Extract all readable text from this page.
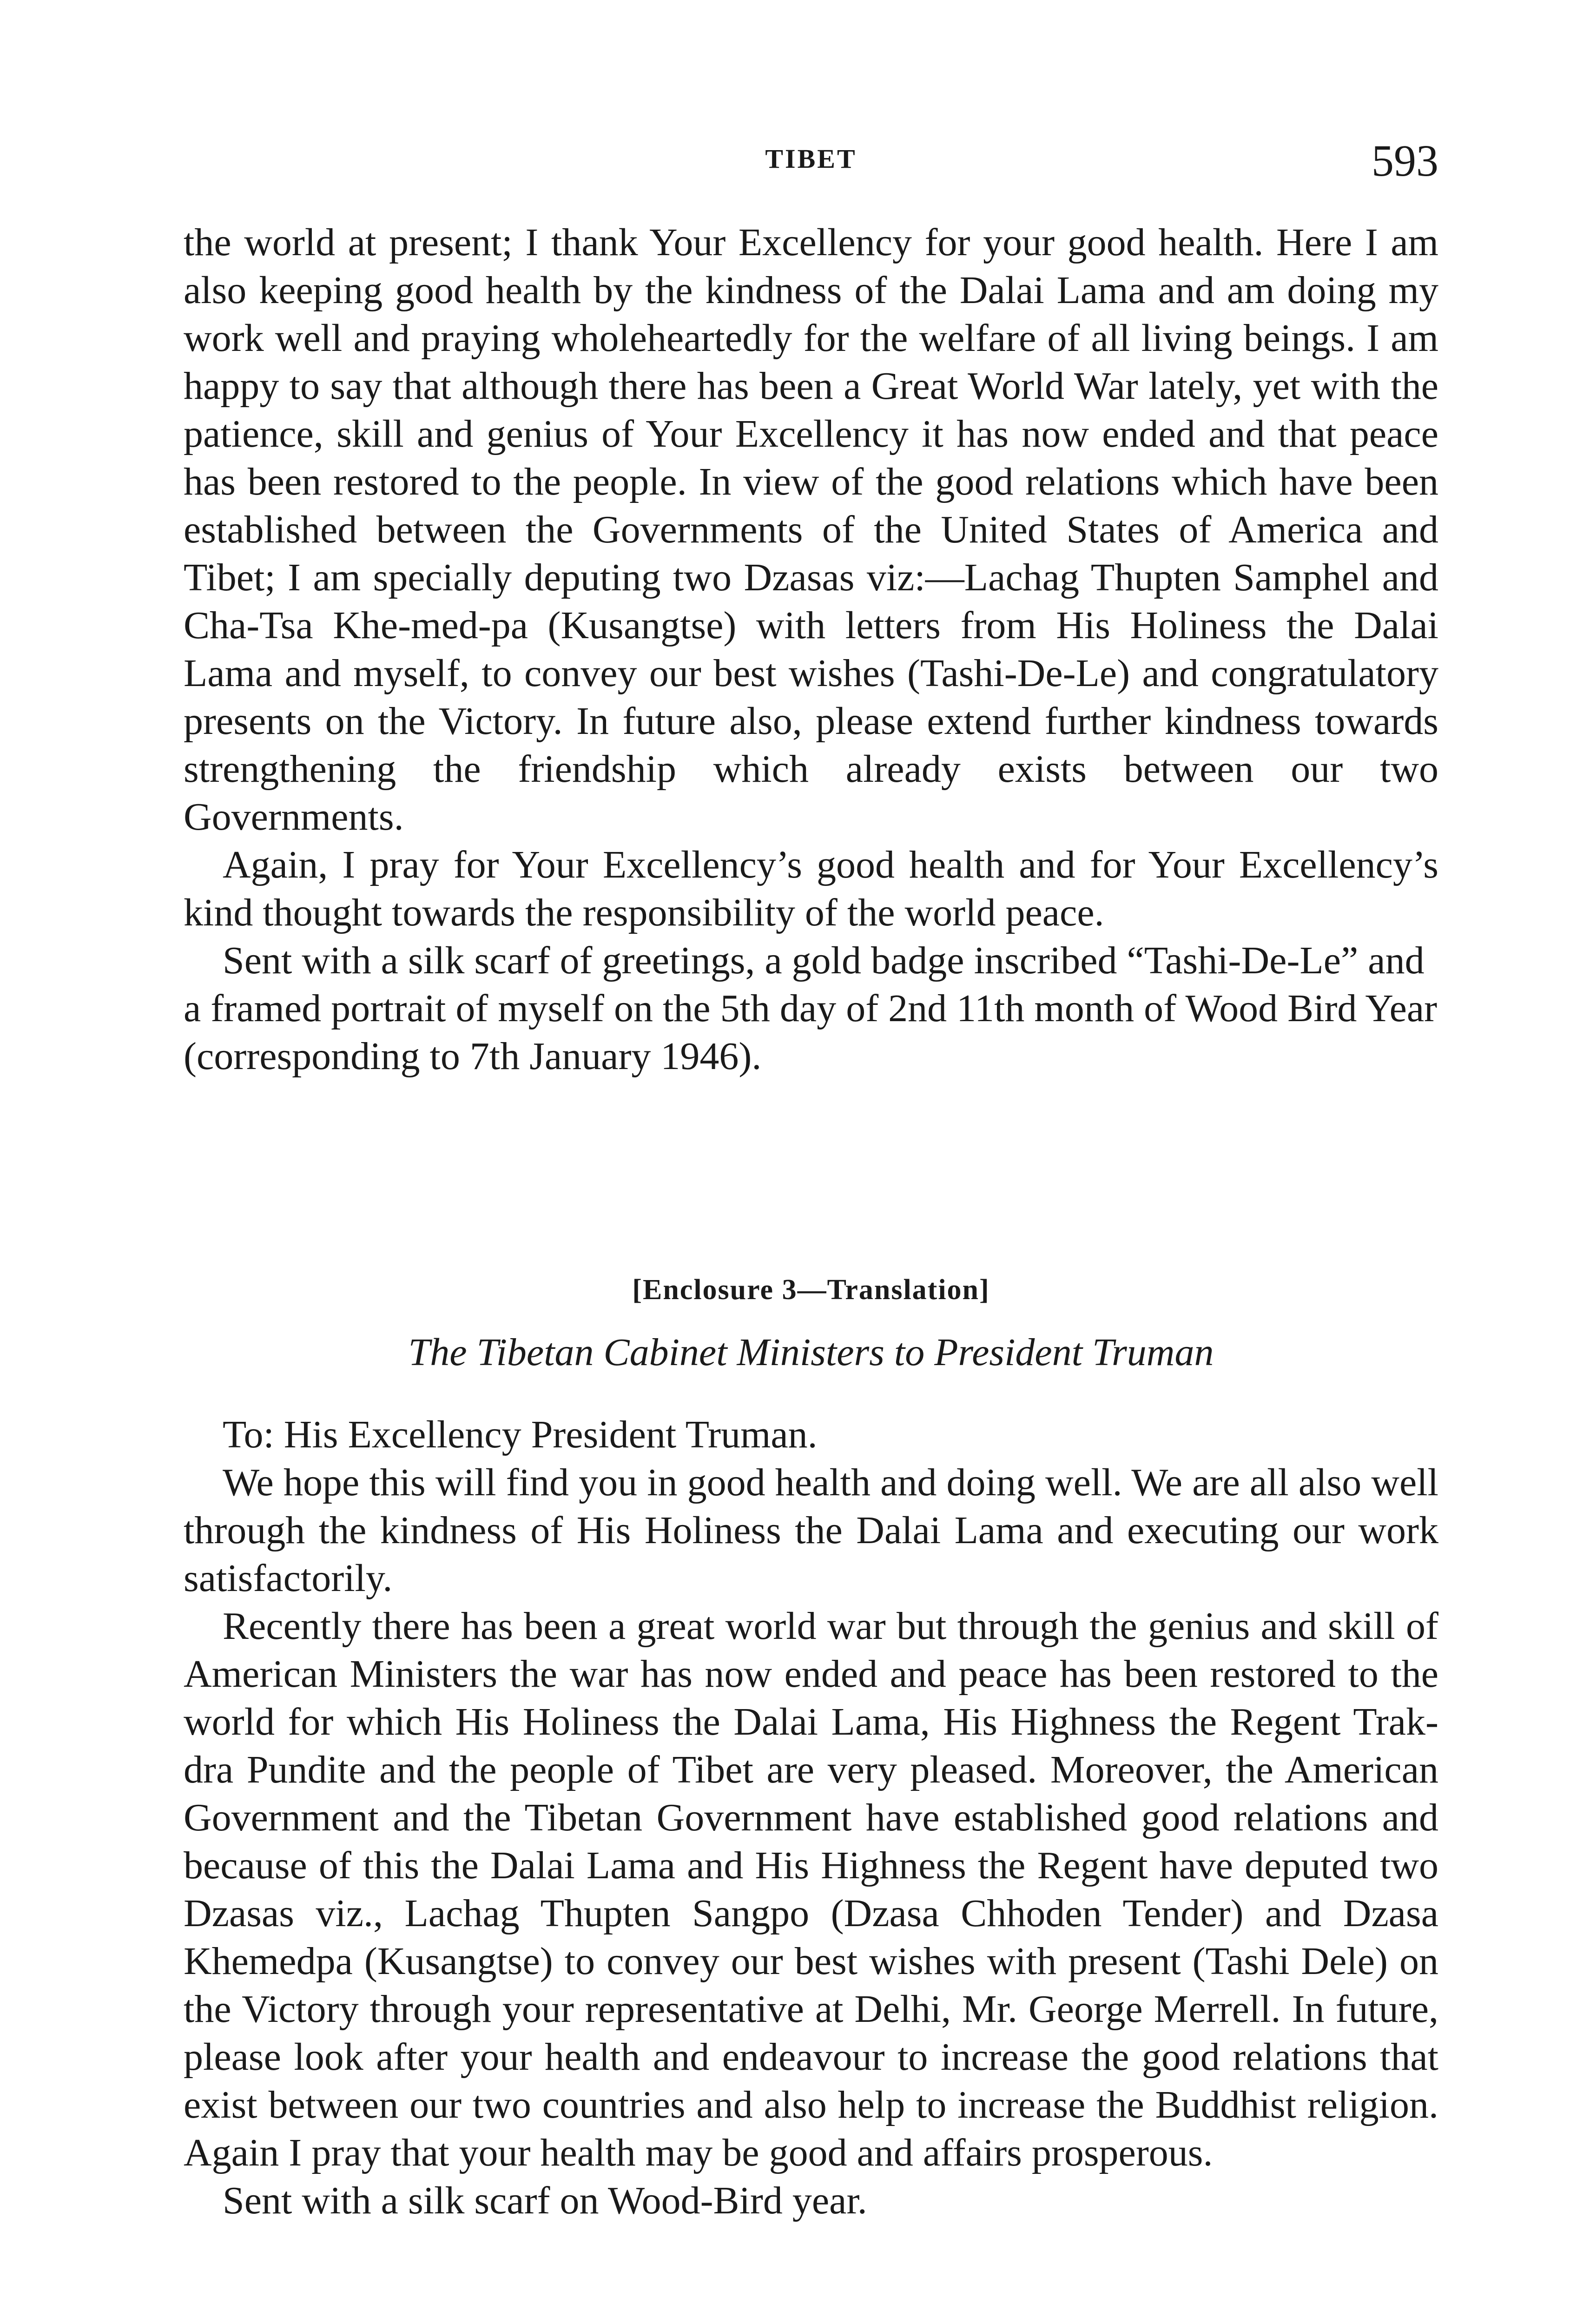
TIBET	593

the world at present; I thank Your Excellency for your good health. Here I am also keeping good health by the kindness of the Dalai Lama and am doing my work well and praying wholeheartedly for the welfare of all living beings. I am happy to say that although there has been a Great World War lately, yet with the patience, skill and genius of Your Excellency it has now ended and that peace has been restored to the people. In view of the good relations which have been established between the Governments of the United States of America and Tibet; I am specially deputing two Dzasas viz:—Lachag Thupten Samphel and Cha-Tsa Khe-med-pa (Kusangtse) with letters from His Holiness the Dalai Lama and myself, to convey our best wishes (Tashi-De-Le) and congratulatory presents on the Victory. In future also, please extend further kindness towards strengthening the friendship which already exists between our two Governments.

Again, I pray for Your Excellency’s good health and for Your Excellency’s kind thought towards the responsibility of the world peace.

Sent with a silk scarf of greetings, a gold badge inscribed “Tashi-De-Le” and a framed portrait of myself on the 5th day of 2nd 11th month of Wood Bird Year (corresponding to 7th January 1946).

[Enclosure 3—Translation]
The Tibetan Cabinet Ministers to President Truman

To: His Excellency President Truman.

We hope this will find you in good health and doing well. We are all also well through the kindness of His Holiness the Dalai Lama and executing our work satisfactorily.

Recently there has been a great world war but through the genius and skill of American Ministers the war has now ended and peace has been restored to the world for which His Holiness the Dalai Lama, His Highness the Regent Trak-dra Pundite and the people of Tibet are very pleased. Moreover, the American Government and the Tibetan Government have established good relations and because of this the Dalai Lama and His Highness the Regent have deputed two Dzasas viz., Lachag Thupten Sangpo (Dzasa Chhoden Tender) and Dzasa Khemedpa (Kusangtse) to convey our best wishes with present (Tashi Dele) on the Victory through your representative at Delhi, Mr. George Merrell. In future, please look after your health and endeavour to increase the good relations that exist between our two countries and also help to increase the Buddhist religion. Again I pray that your health may be good and affairs prosperous.

Sent with a silk scarf on Wood-Bird year.
